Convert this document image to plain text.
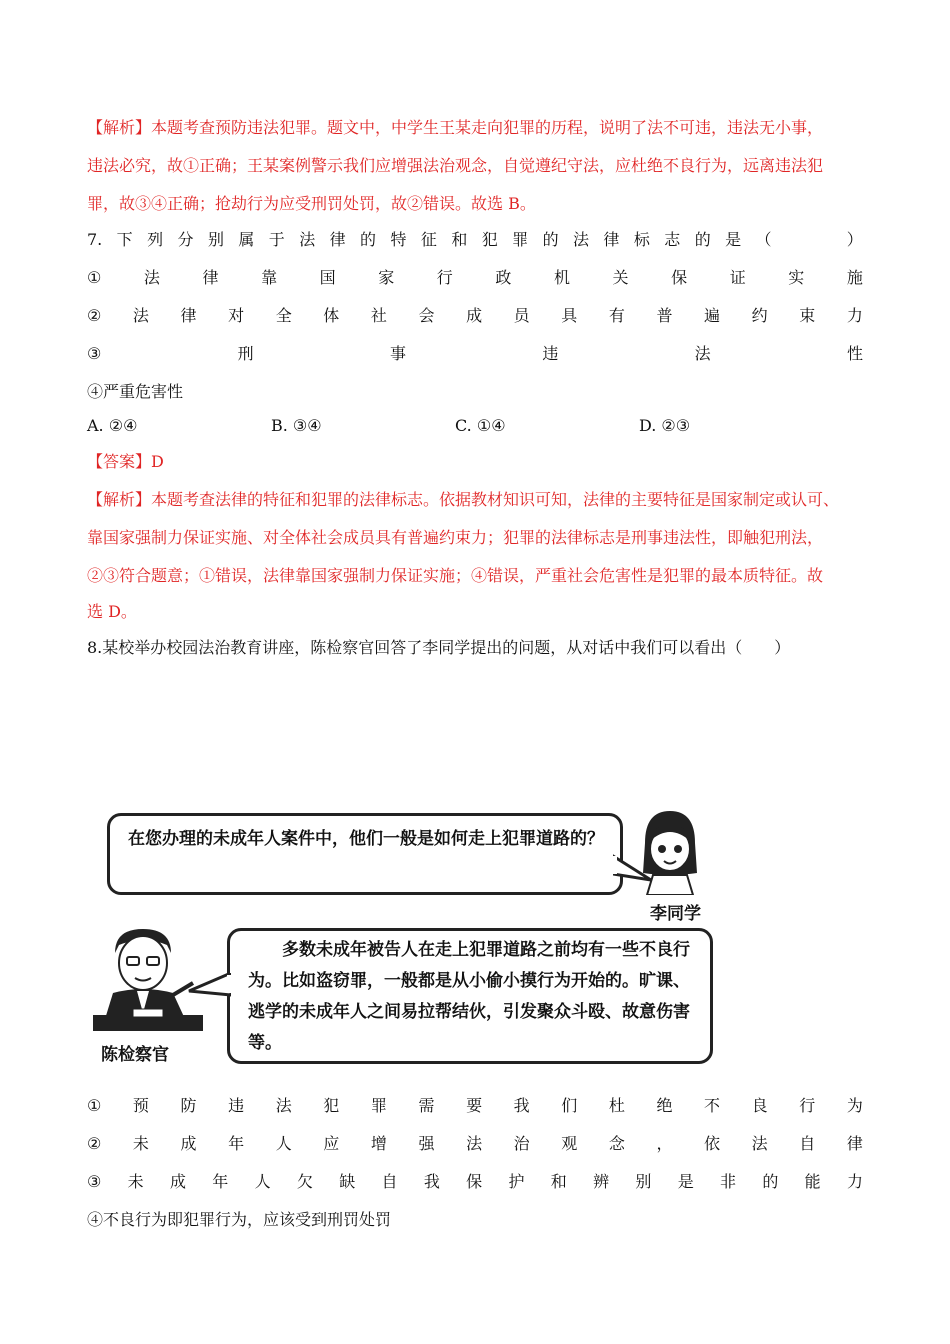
【解析】本题考查预防违法犯罪。题文中，中学生王某走向犯罪的历程，说明了法不可违，违法无小事，
违法必究，故①正确；王某案例警示我们应增强法治观念，自觉遵纪守法，应杜绝不良行为，远离违法犯
罪，故③④正确；抢劫行为应受刑罚处罚，故②错误。故选 B。
7. 下 列 分 别 属 于 法 律 的 特 征 和 犯 罪 的 法 律 标 志 的 是 （

　	）
①	法	律	靠	国	家	行	政	机	关	保	证	实	施
② 法 律 对 全 体 社 会 成 员 具 有 普 遍 约 束 力
③	刑	事	违	法	性
④严重危害性
A. ②④	B. ③④	C. ①④	D. ②③
【答案】D
【解析】本题考查法律的特征和犯罪的法律标志。依据教材知识可知，法律的主要特征是国家制定或认可、
靠国家强制力保证实施、对全体社会成员具有普遍约束力；犯罪的法律标志是刑事违法性，即触犯刑法，
②③符合题意；①错误，法律靠国家强制力保证实施；④错误，严重社会危害性是犯罪的最本质特征。故
选 D。
8.某校举办校园法治教育讲座，陈检察官回答了李同学提出的问题，从对话中我们可以看出（　　）
在您办理的未成年人案件中，他们一般是如何走上犯罪道路的？
李同学
　　多数未成年被告人在走上犯罪道路之前均有一些不良行为。比如盗窃罪，一般都是从小偷小摸行为开始的。旷课、逃学的未成年人之间易拉帮结伙，引发聚众斗殴、故意伤害等。
陈检察官
① 预 防 违 法 犯 罪 需 要 我 们 杜 绝 不 良 行 为
② 未 成 年 人 应 增 强 法 治 观 念 ， 依 法 自 律
③ 未 成 年 人 欠 缺 自 我 保 护 和 辨 别 是 非 的 能 力
④不良行为即犯罪行为，应该受到刑罚处罚
